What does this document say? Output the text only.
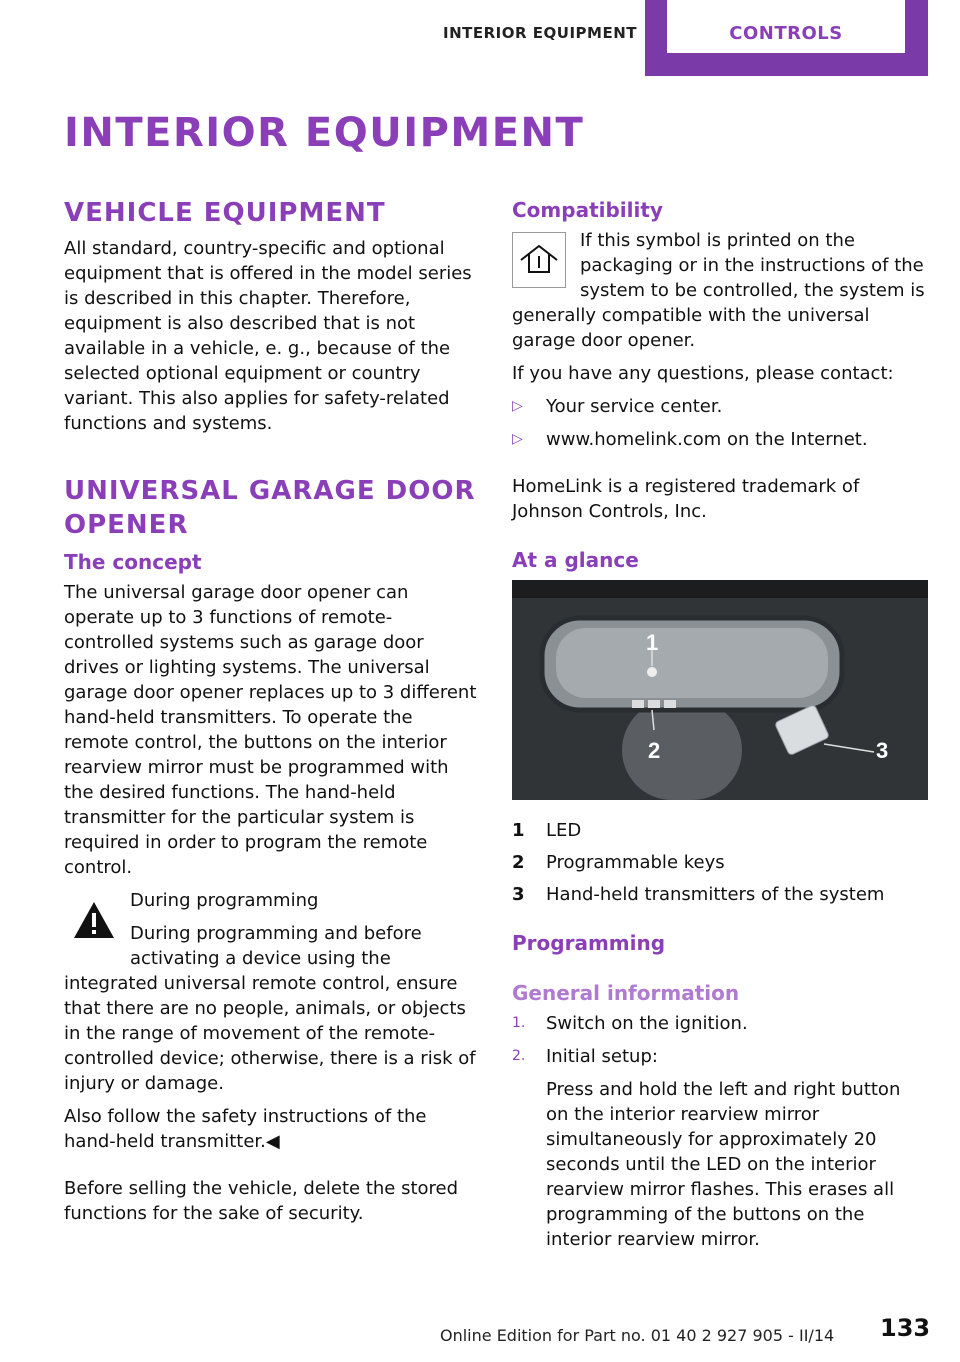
INTERIOR EQUIPMENT	CONTROLS
INTERIOR EQUIPMENT
VEHICLE EQUIPMENT

All standard, country-specific and optional equipment that is offered in the model series is described in this chapter. Therefore, equipment is also described that is not available in a vehicle, e. g., because of the selected optional equipment or country variant. This also applies for safety-related functions and systems.

UNIVERSAL GARAGE DOOR OPENER
The concept

The universal garage door opener can operate up to 3 functions of remote-controlled systems such as garage door drives or lighting systems. The universal garage door opener replaces up to 3 different hand-held transmitters. To operate the remote control, the buttons on the interior rearview mirror must be programmed with the desired functions. The hand-held transmitter for the particular system is required in order to program the remote control.

During programming

During programming and before activating a device using the integrated universal remote control, ensure that there are no people, animals, or objects in the range of movement of the remote-controlled device; otherwise, there is a risk of injury or damage.

Also follow the safety instructions of the hand-held transmitter.◀

Before selling the vehicle, delete the stored functions for the sake of security.

Compatibility

If this symbol is printed on the packaging or in the instructions of the system to be controlled, the system is generally compatible with the universal garage door opener.

If you have any questions, please contact:

▷	Your service center.
▷	www.homelink.com on the Internet.

HomeLink is a registered trademark of Johnson Controls, Inc.

At a glance
1
2	3
1	LED
2	Programmable keys
3	Hand-held transmitters of the system
Programming
General information
1.	Switch on the ignition.
2.	Initial setup:

Press and hold the left and right button on the interior rearview mirror simultaneously for approximately 20 seconds until the LED on the interior rearview mirror flashes. This erases all programming of the buttons on the interior rearview mirror.

Online Edition for Part no. 01 40 2 927 905 - II/14 133
